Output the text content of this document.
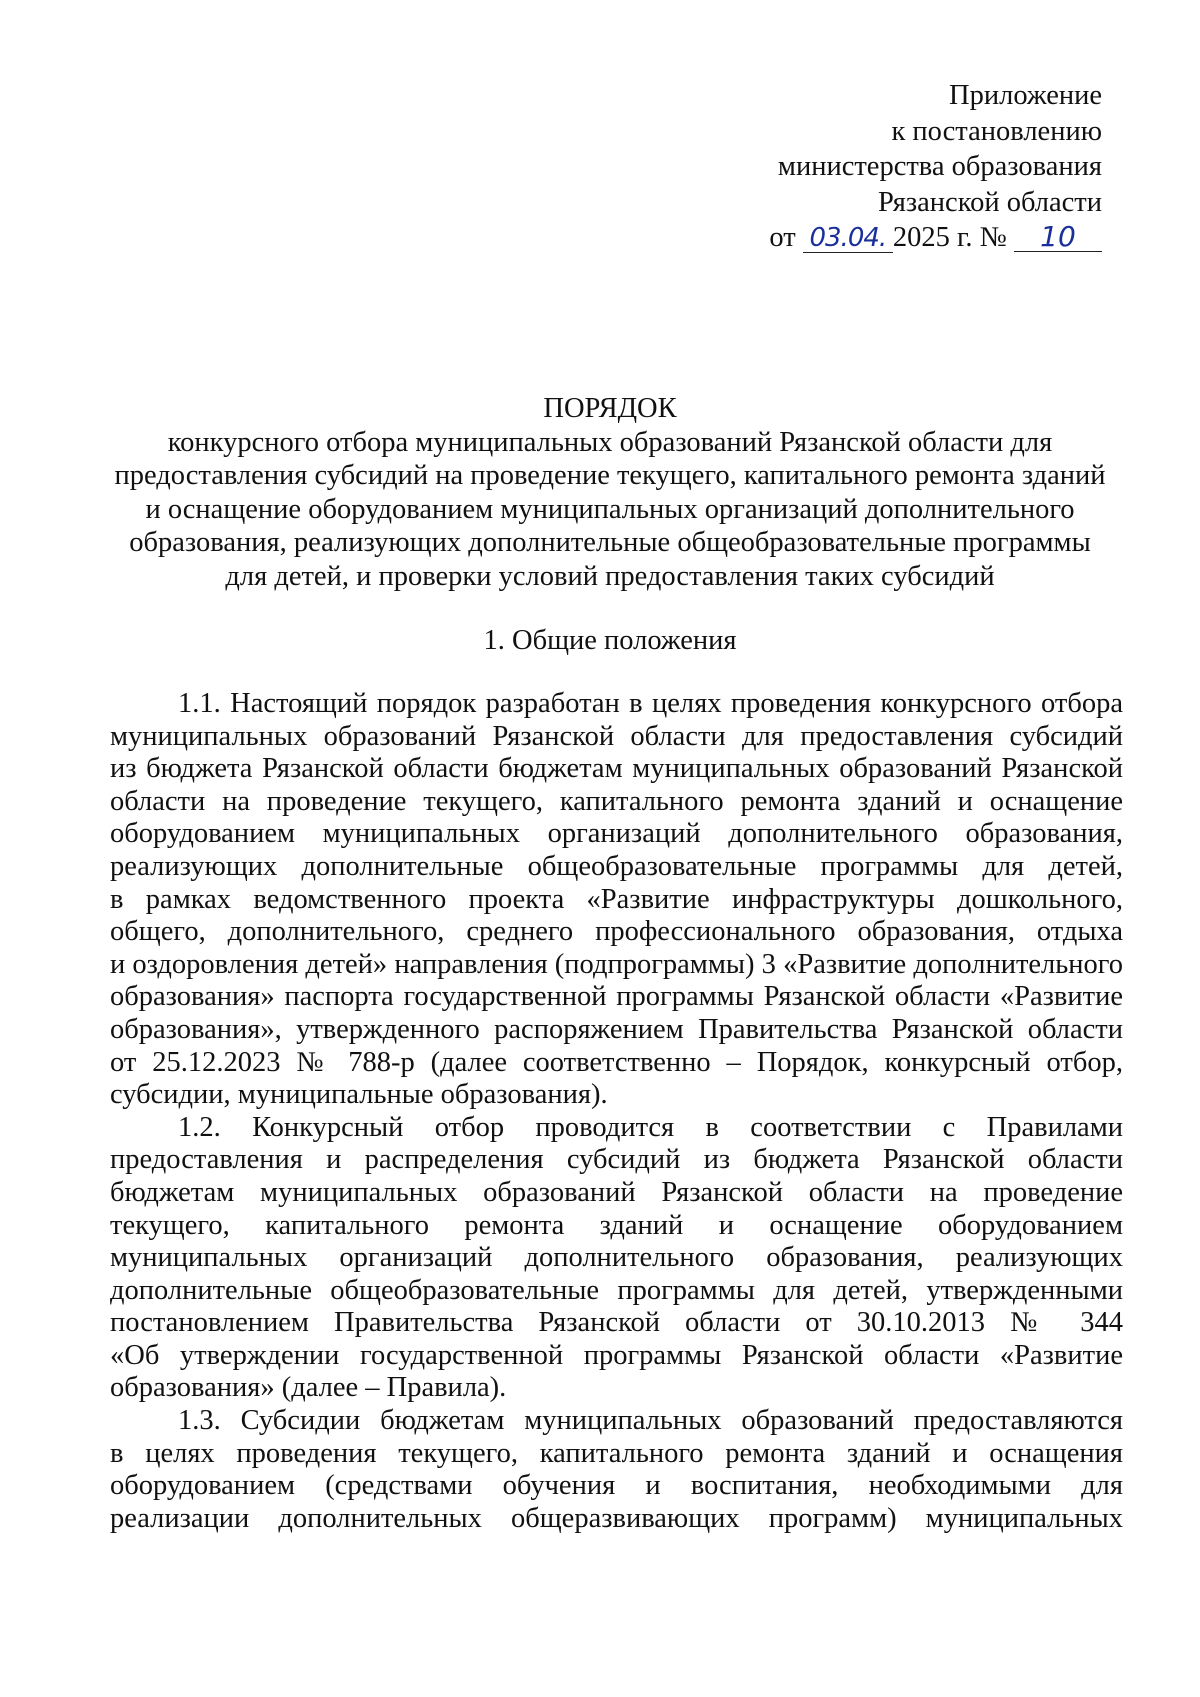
Приложение
к постановлению
министерства образования
Рязанской области
от 03.04. 2025 г. № 10
ПОРЯДОК
конкурсного отбора муниципальных образований Рязанской области для
предоставления субсидий на проведение текущего, капитального ремонта зданий
и оснащение оборудованием муниципальных организаций дополнительного
образования, реализующих дополнительные общеобразовательные программы
для детей, и проверки условий предоставления таких субсидий
1. Общие положения
1.1. Настоящий порядок разработан в целях проведения конкурсного отбора
муниципальных образований Рязанской области для предоставления субсидий
из бюджета Рязанской области бюджетам муниципальных образований Рязанской
области на проведение текущего, капитального ремонта зданий и оснащение
оборудованием муниципальных организаций дополнительного образования,
реализующих дополнительные общеобразовательные программы для детей,
в рамках ведомственного проекта «Развитие инфраструктуры дошкольного,
общего, дополнительного, среднего профессионального образования, отдыха
и оздоровления детей» направления (подпрограммы) 3 «Развитие дополнительного
образования» паспорта государственной программы Рязанской области «Развитие
образования», утвержденного распоряжением Правительства Рязанской области
от 25.12.2023 № 788-р (далее соответственно – Порядок, конкурсный отбор,
субсидии, муниципальные образования).
1.2. Конкурсный отбор проводится в соответствии с Правилами
предоставления и распределения субсидий из бюджета Рязанской области
бюджетам муниципальных образований Рязанской области на проведение
текущего, капитального ремонта зданий и оснащение оборудованием
муниципальных организаций дополнительного образования, реализующих
дополнительные общеобразовательные программы для детей, утвержденными
постановлением Правительства Рязанской области от 30.10.2013 № 344
«Об утверждении государственной программы Рязанской области «Развитие
образования» (далее – Правила).
1.3. Субсидии бюджетам муниципальных образований предоставляются
в целях проведения текущего, капитального ремонта зданий и оснащения
оборудованием (средствами обучения и воспитания, необходимыми для
реализации дополнительных общеразвивающих программ) муниципальных
